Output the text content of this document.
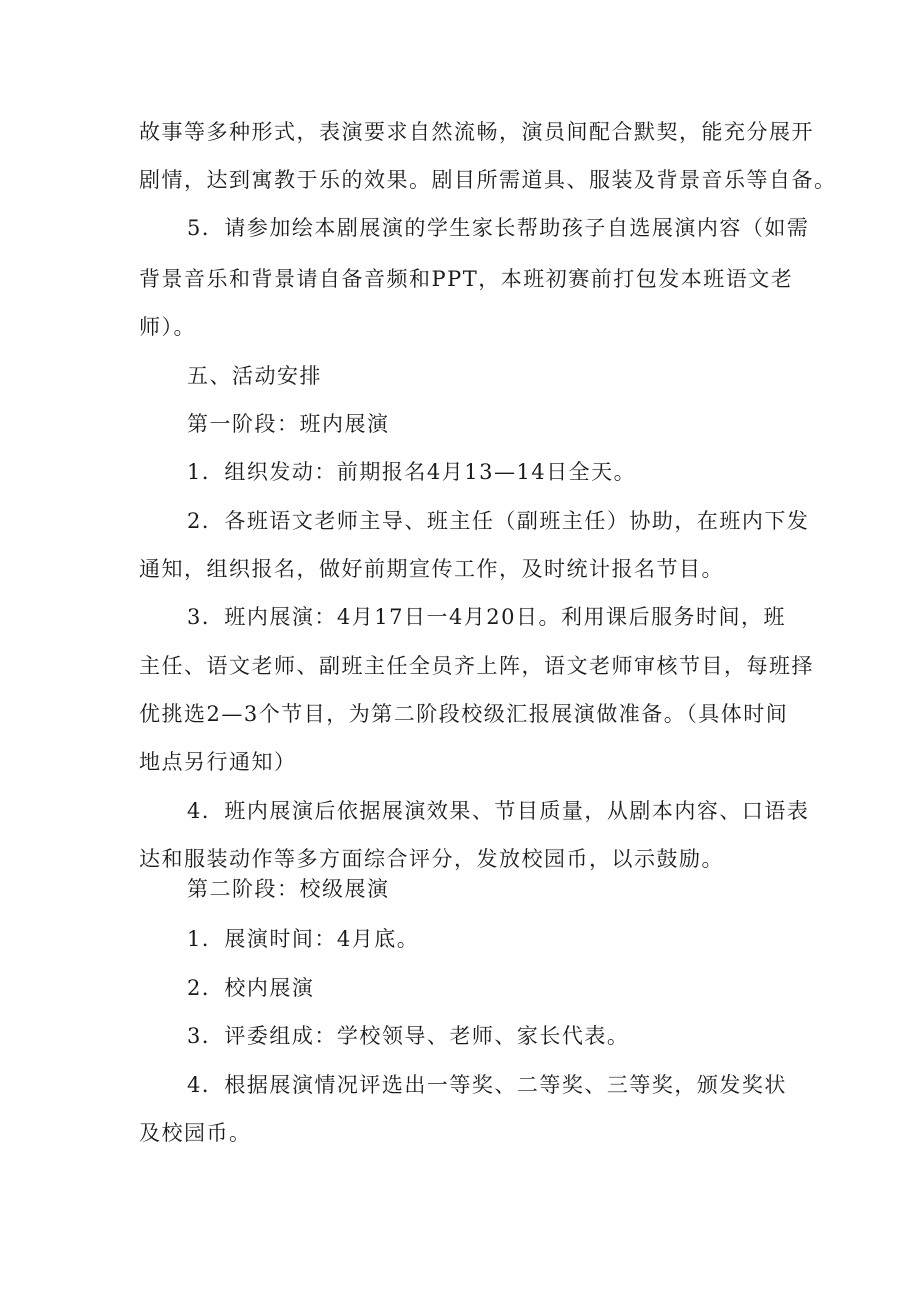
故事等多种形式，表演要求自然流畅，演员间配合默契，能充分展开
剧情，达到寓教于乐的效果。剧目所需道具、服装及背景音乐等自备。
5．请参加绘本剧展演的学生家长帮助孩子自选展演内容（如需
背景音乐和背景请自备音频和PPT，本班初赛前打包发本班语文老
师）。
五、活动安排
第一阶段：班内展演
1．组织发动：前期报名4月13—14日全天。
2．各班语文老师主导、班主任（副班主任）协助，在班内下发
通知，组织报名，做好前期宣传工作，及时统计报名节目。
3．班内展演：4月17日一4月20日。利用课后服务时间，班
主任、语文老师、副班主任全员齐上阵，语文老师审核节目，每班择
优挑选2—3个节目，为第二阶段校级汇报展演做准备。（具体时间
地点另行通知）
4．班内展演后依据展演效果、节目质量，从剧本内容、口语表
达和服装动作等多方面综合评分，发放校园币，以示鼓励。
第二阶段：校级展演
1．展演时间：4月底。
2．校内展演
3．评委组成：学校领导、老师、家长代表。
4．根据展演情况评选出一等奖、二等奖、三等奖，颁发奖状
及校园币。
